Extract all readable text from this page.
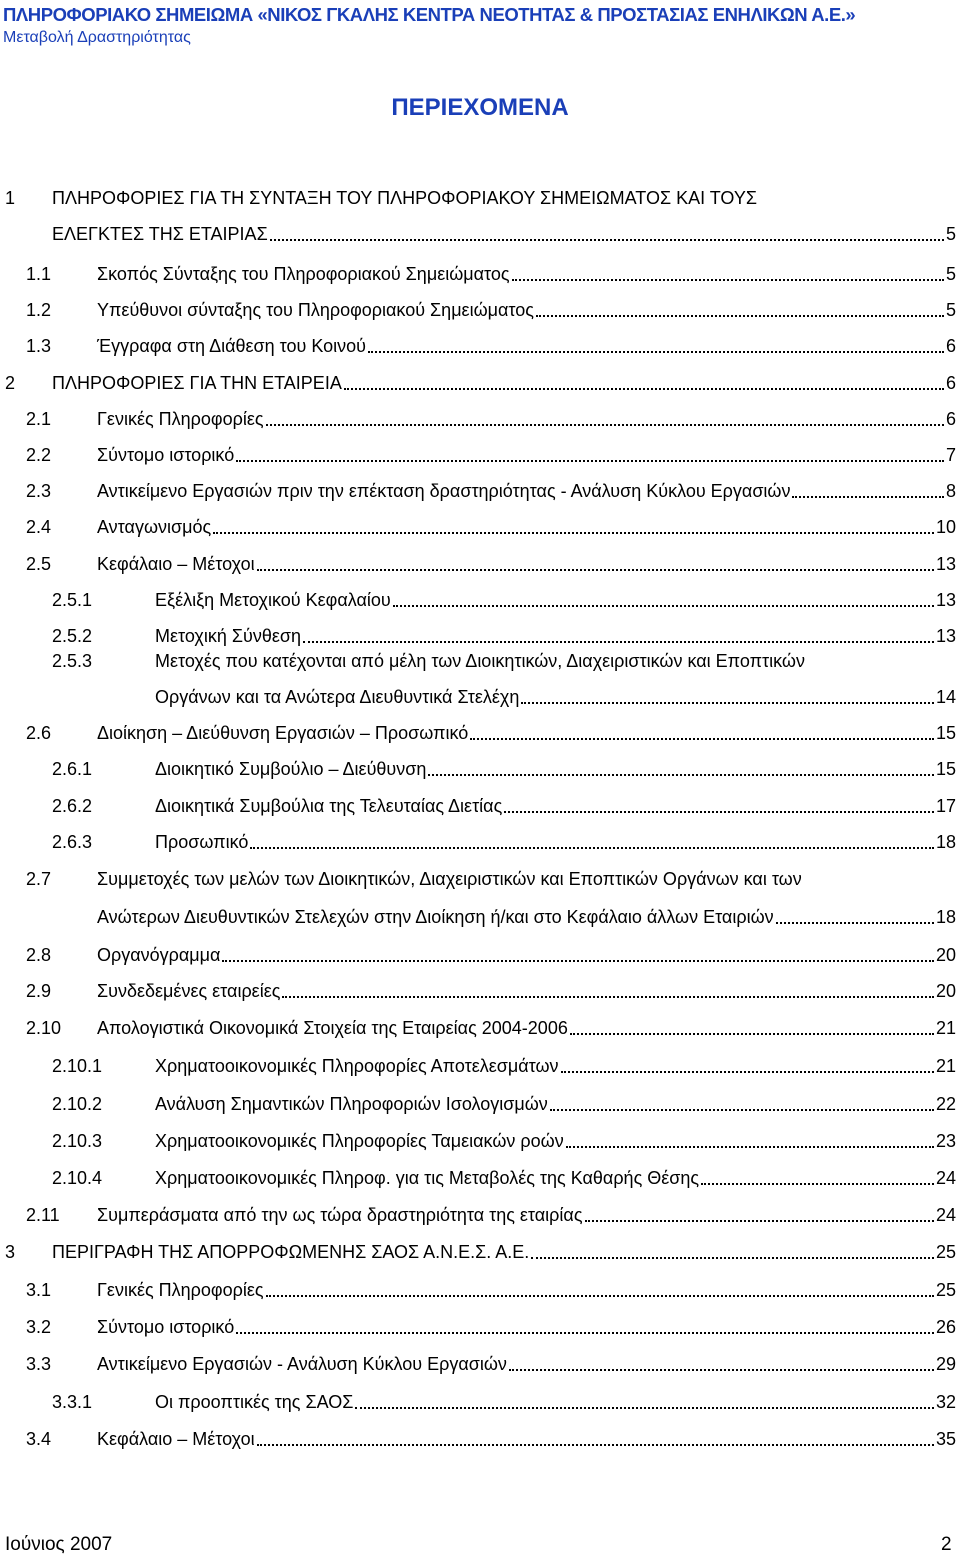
ΠΛΗΡΟΦΟΡΙΑΚΟ ΣΗΜΕΙΩΜΑ «ΝΙΚΟΣ ΓΚΑΛΗΣ ΚΕΝΤΡΑ ΝΕΟΤΗΤΑΣ & ΠΡΟΣΤΑΣΙΑΣ ΕΝΗΛΙΚΩΝ Α.Ε.»
Μεταβολή Δραστηριότητας
ΠΕΡΙΕΧΟΜΕΝΑ
1 ΠΛΗΡΟΦΟΡΙΕΣ ΓΙΑ ΤΗ ΣΥΝΤΑΞΗ ΤΟΥ ΠΛΗΡΟΦΟΡΙΑΚΟΥ ΣΗΜΕΙΩΜΑΤΟΣ ΚΑΙ ΤΟΥΣ
ΕΛΕΓΚΤΕΣ ΤΗΣ ΕΤΑΙΡΙΑΣ	5
1.1	Σκοπός Σύνταξης του Πληροφοριακού Σημειώματος	5
1.2	Υπεύθυνοι σύνταξης του Πληροφοριακού Σημειώματος	5
1.3	Έγγραφα στη Διάθεση του Κοινού	6
2 ΠΛΗΡΟΦΟΡΙΕΣ ΓΙΑ ΤΗΝ ΕΤΑΙΡΕΙΑ	6
2.1	Γενικές Πληροφορίες	6
2.2	Σύντομο ιστορικό	7
2.3	Αντικείμενο Εργασιών πριν την επέκταση δραστηριότητας - Ανάλυση Κύκλου Εργασιών	8
2.4	Ανταγωνισμός	10
2.5	Κεφάλαιο – Μέτοχοι	13
2.5.1	Εξέλιξη Μετοχικού Κεφαλαίου	13
2.5.2	Μετοχική Σύνθεση	13
2.5.3	Μετοχές που κατέχονται από μέλη των Διοικητικών, Διαχειριστικών και Εποπτικών
Οργάνων και τα Ανώτερα Διευθυντικά Στελέχη	14
2.6	Διοίκηση – Διεύθυνση Εργασιών – Προσωπικό	15
2.6.1	Διοικητικό Συμβούλιο – Διεύθυνση	15
2.6.2	Διοικητικά Συμβούλια της Τελευταίας Διετίας	17
2.6.3	Προσωπικό	18
2.7	Συμμετοχές των μελών των Διοικητικών, Διαχειριστικών και Εποπτικών Οργάνων και των
Ανώτερων Διευθυντικών Στελεχών στην Διοίκηση ή/και στο Κεφάλαιο άλλων Εταιριών	18
2.8	Οργανόγραμμα	20
2.9	Συνδεδεμένες εταιρείες	20
2.10 Απολογιστικά Οικονομικά Στοιχεία της Εταιρείας 2004-2006	21
2.10.1	Χρηματοοικονομικές Πληροφορίες Αποτελεσμάτων	21
2.10.2	Ανάλυση Σημαντικών Πληροφοριών Ισολογισμών	22
2.10.3	Χρηματοοικονομικές Πληροφορίες Ταμειακών ροών	23
2.10.4	Χρηματοοικονομικές Πληροφ. για τις Μεταβολές της Καθαρής Θέσης	24
2.11 Συμπεράσματα από την ως τώρα δραστηριότητα της εταιρίας	24
3 ΠΕΡΙΓΡΑΦΗ ΤΗΣ ΑΠΟΡΡΟΦΩΜΕΝΗΣ ΣΑΟΣ Α.Ν.Ε.Σ. Α.Ε.	25
3.1	Γενικές Πληροφορίες	25
3.2	Σύντομο ιστορικό	26
3.3	Αντικείμενο Εργασιών - Ανάλυση Κύκλου Εργασιών	29
3.3.1	Οι προοπτικές της ΣΑΟΣ	32
3.4	Κεφάλαιο – Μέτοχοι	35
Ιούνιος 2007	2
